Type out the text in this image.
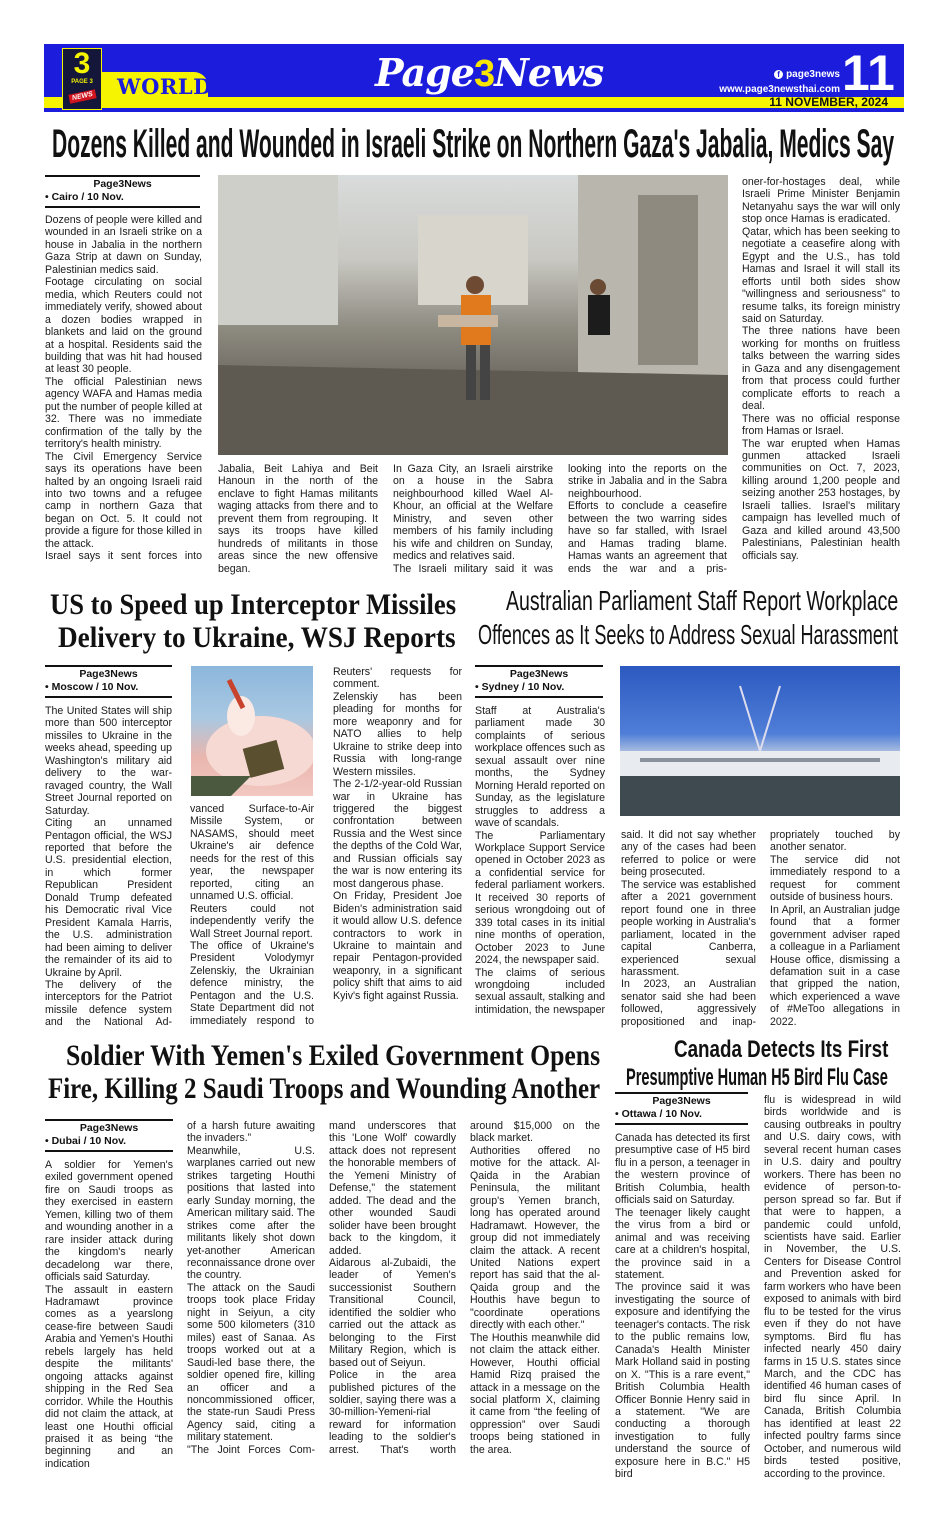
WORLD
3
PAGE 3
NEWS
Page3News	f page3news
www.page3newsthai.com 11
11 NOVEMBER, 2024
Dozens Killed and Wounded in Israeli Strike on Northern Gaza's Jabalia, Medics Say
Page3News
• Cairo / 10 Nov.

Dozens of people were killed and wounded in an Israeli strike on a house in Jabalia in the northern Gaza Strip at dawn on Sunday, Palestinian medics said.

Footage circulating on social media, which Reuters could not immediately verify, showed about a dozen bodies wrapped in blankets and laid on the ground at a hospital. Residents said the building that was hit had housed at least 30 people.

The official Palestinian news agency WAFA and Hamas media put the number of people killed at 32. There was no immediate confirmation of the tally by the territory's health ministry.

The Civil Emergency Service says its operations have been halted by an ongoing Israeli raid into two towns and a refugee camp in northern Gaza that began on Oct. 5. It could not provide a figure for those killed in the attack.

Israel says it sent forces into

Jabalia, Beit Lahiya and Beit Hanoun in the north of the enclave to fight Hamas militants waging attacks from there and to prevent them from regrouping. It says its troops have killed hundreds of militants in those areas since the new offensive began.

In Gaza City, an Israeli airstrike on a house in the Sabra neighbourhood killed Wael Al-Khour, an official at the Welfare Ministry, and seven other members of his family including his wife and children on Sunday, medics and relatives said.

The Israeli military said it was

looking into the reports on the strike in Jabalia and in the Sabra neighbourhood.

Efforts to conclude a ceasefire between the two warring sides have so far stalled, with Israel and Hamas trading blame. Hamas wants an agreement that ends the war and a pris-

oner-for-hostages deal, while Israeli Prime Minister Benjamin Netanyahu says the war will only stop once Hamas is eradicated.

Qatar, which has been seeking to negotiate a ceasefire along with Egypt and the U.S., has told Hamas and Israel it will stall its efforts until both sides show "willingness and seriousness" to resume talks, its foreign ministry said on Saturday.

The three nations have been working for months on fruitless talks between the warring sides in Gaza and any disengagement from that process could further complicate efforts to reach a deal.

There was no official response from Hamas or Israel.

The war erupted when Hamas gunmen attacked Israeli communities on Oct. 7, 2023, killing around 1,200 people and seizing another 253 hostages, by Israeli tallies. Israel's military campaign has levelled much of Gaza and killed around 43,500 Palestinians, Palestinian health officials say.

US to Speed up Interceptor Missiles
Delivery to Ukraine, WSJ Reports
Page3News
• Moscow / 10 Nov.

The United States will ship more than 500 interceptor missiles to Ukraine in the weeks ahead, speeding up Washington's military aid delivery to the war-ravaged country, the Wall Street Journal reported on Saturday.

Citing an unnamed Pentagon official, the WSJ reported that before the U.S. presidential election, in which former Republican President Donald Trump defeated his Democratic rival Vice President Kamala Harris, the U.S. administration had been aiming to deliver the remainder of its aid to Ukraine by April.

The delivery of the interceptors for the Patriot missile defence system and the National Ad-

vanced Surface-to-Air Missile System, or NASAMS, should meet Ukraine's air defence needs for the rest of this year, the newspaper reported, citing an unnamed U.S. official.

Reuters could not independently verify the Wall Street Journal report.

The office of Ukraine's President Volodymyr Zelenskiy, the Ukrainian defence ministry, the Pentagon and the U.S. State Department did not immediately respond to

Reuters' requests for comment.

Zelenskiy has been pleading for months for more weaponry and for NATO allies to help Ukraine to strike deep into Russia with long-range Western missiles.

The 2-1/2-year-old Russian war in Ukraine has triggered the biggest confrontation between Russia and the West since the depths of the Cold War, and Russian officials say the war is now entering its most dangerous phase.

On Friday, President Joe Biden's administration said it would allow U.S. defence contractors to work in Ukraine to maintain and repair Pentagon-provided weaponry, in a significant policy shift that aims to aid Kyiv's fight against Russia.

Australian Parliament Staff Report Workplace
Offences as It Seeks to Address Sexual Harassment
Page3News
• Sydney / 10 Nov.

Staff at Australia's parliament made 30 complaints of serious workplace offences such as sexual assault over nine months, the Sydney Morning Herald reported on Sunday, as the legislature struggles to address a wave of scandals.

The Parliamentary Workplace Support Service opened in October 2023 as a confidential service for federal parliament workers. It received 30 reports of serious wrongdoing out of 339 total cases in its initial nine months of operation, October 2023 to June 2024, the newspaper said.

The claims of serious wrongdoing included sexual assault, stalking and intimidation, the newspaper

said. It did not say whether any of the cases had been referred to police or were being prosecuted.

The service was established after a 2021 government report found one in three people working in Australia's parliament, located in the capital Canberra, experienced sexual harassment.

In 2023, an Australian senator said she had been followed, aggressively propositioned and inap-

propriately touched by another senator.

The service did not immediately respond to a request for comment outside of business hours.

In April, an Australian judge found that a former government adviser raped a colleague in a Parliament House office, dismissing a defamation suit in a case that gripped the nation, which experienced a wave of #MeToo allegations in 2022.

Soldier With Yemen's Exiled Government Opens
Fire, Killing 2 Saudi Troops and Wounding Another
Page3News
• Dubai / 10 Nov.

A soldier for Yemen's exiled government opened fire on Saudi troops as they exercised in eastern Yemen, killing two of them and wounding another in a rare insider attack during the kingdom's nearly decadelong war there, officials said Saturday.

The assault in eastern Hadramawt province comes as a yearslong cease-fire between Saudi Arabia and Yemen's Houthi rebels largely has held despite the militants' ongoing attacks against shipping in the Red Sea corridor. While the Houthis did not claim the attack, at least one Houthi official praised it as being “the beginning and an indication

of a harsh future awaiting the invaders.”

Meanwhile, U.S. warplanes carried out new strikes targeting Houthi positions that lasted into early Sunday morning, the American military said. The strikes come after the militants likely shot down yet-another American reconnaissance drone over the country.

The attack on the Saudi troops took place Friday night in Seiyun, a city some 500 kilometers (310 miles) east of Sanaa. As troops worked out at a Saudi-led base there, the soldier opened fire, killing an officer and a noncommissioned officer, the state-run Saudi Press Agency said, citing a military statement.

"The Joint Forces Com-

mand underscores that this 'Lone Wolf' cowardly attack does not represent the honorable members of the Yemeni Ministry of Defense," the statement added. The dead and the other wounded Saudi solider have been brought back to the kingdom, it added.

Aidarous al-Zubaidi, the leader of Yemen's successionist Southern Transitional Council, identified the soldier who carried out the attack as belonging to the First Military Region, which is based out of Seiyun.

Police in the area published pictures of the soldier, saying there was a 30-million-Yemeni-rial reward for information leading to the soldier's arrest. That's worth

around $15,000 on the black market.

Authorities offered no motive for the attack. Al-Qaida in the Arabian Peninsula, the militant group's Yemen branch, long has operated around Hadramawt. However, the group did not immediately claim the attack. A recent United Nations expert report has said that the al-Qaida group and the Houthis have begun to "coordinate operations directly with each other."

The Houthis meanwhile did not claim the attack either. However, Houthi official Hamid Rizq praised the attack in a message on the social platform X, claiming it came from “the feeling of oppression” over Saudi troops being stationed in the area.

Canada Detects Its First
Presumptive Human H5 Bird Flu Case
Page3News
• Ottawa / 10 Nov.

Canada has detected its first presumptive case of H5 bird flu in a person, a teenager in the western province of British Columbia, health officials said on Saturday.

The teenager likely caught the virus from a bird or animal and was receiving care at a children's hospital, the province said in a statement.

The province said it was investigating the source of exposure and identifying the teenager's contacts. The risk to the public remains low, Canada's Health Minister Mark Holland said in posting on X. "This is a rare event," British Columbia Health Officer Bonnie Henry said in a statement. "We are conducting a thorough investigation to fully understand the source of exposure here in B.C." H5 bird

flu is widespread in wild birds worldwide and is causing outbreaks in poultry and U.S. dairy cows, with several recent human cases in U.S. dairy and poultry workers. There has been no evidence of person-to-person spread so far. But if that were to happen, a pandemic could unfold, scientists have said. Earlier in November, the U.S. Centers for Disease Control and Prevention asked for farm workers who have been exposed to animals with bird flu to be tested for the virus even if they do not have symptoms. Bird flu has infected nearly 450 dairy farms in 15 U.S. states since March, and the CDC has identified 46 human cases of bird flu since April. In Canada, British Columbia has identified at least 22 infected poultry farms since October, and numerous wild birds tested positive, according to the province.
